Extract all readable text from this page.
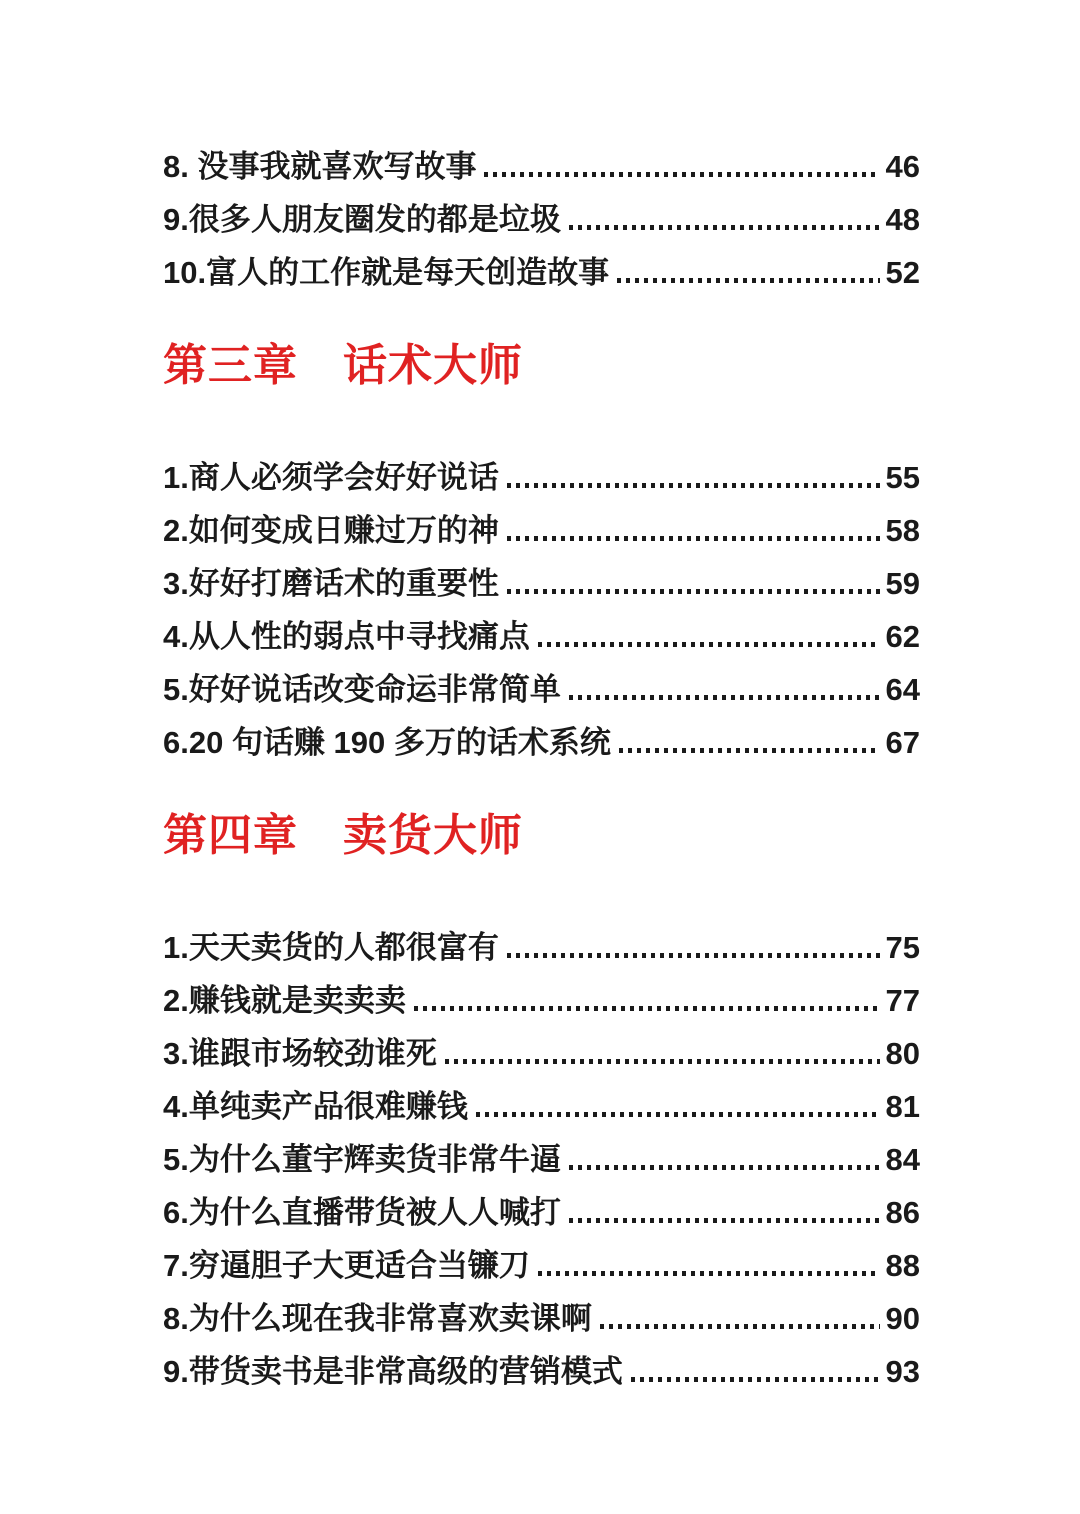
8. 没事我就喜欢写故事	46
9.很多人朋友圈发的都是垃圾	48
10.富人的工作就是每天创造故事	52
第三章　话术大师
1.商人必须学会好好说话	55
2.如何变成日赚过万的神	58
3.好好打磨话术的重要性	59
4.从人性的弱点中寻找痛点	62
5.好好说话改变命运非常简单	64
6.20 句话赚 190 多万的话术系统	67
第四章　卖货大师
1.天天卖货的人都很富有	75
2.赚钱就是卖卖卖	77
3.谁跟市场较劲谁死	80
4.单纯卖产品很难赚钱	81
5.为什么董宇辉卖货非常牛逼	84
6.为什么直播带货被人人喊打	86
7.穷逼胆子大更适合当镰刀	88
8.为什么现在我非常喜欢卖课啊	90
9.带货卖书是非常高级的营销模式	93
